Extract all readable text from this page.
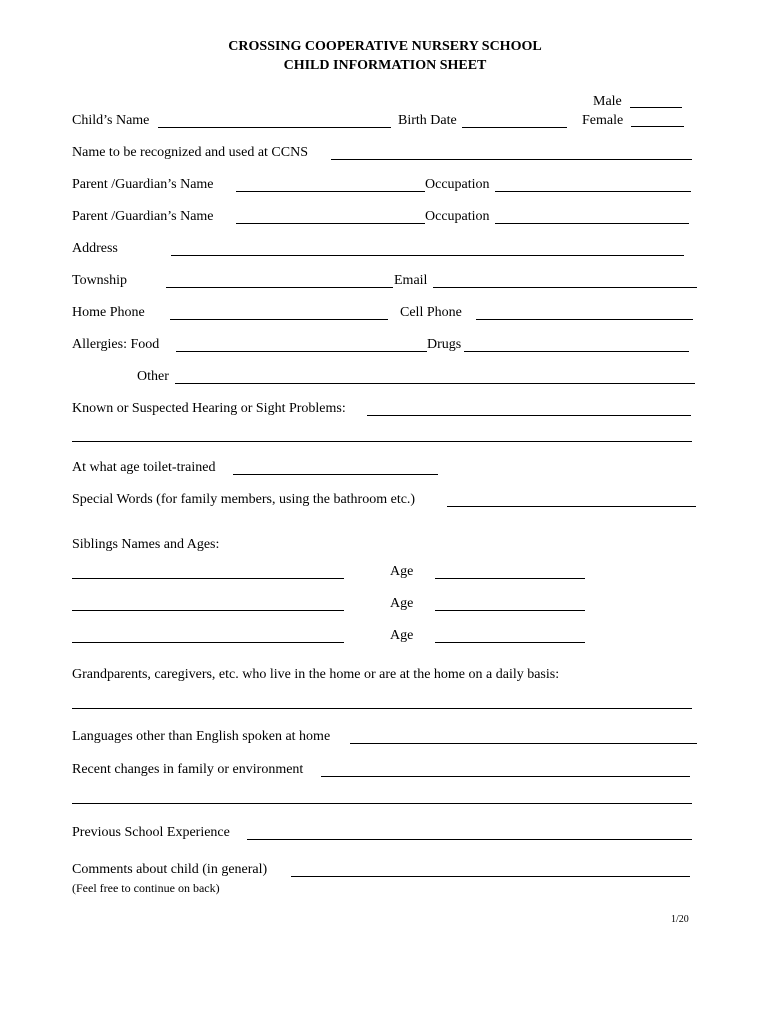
CROSSING COOPERATIVE NURSERY SCHOOL
CHILD INFORMATION SHEET
Male
Female
Child’s Name	Birth Date
Name to be recognized and used at CCNS
Parent /Guardian’s Name	Occupation
Parent /Guardian’s Name	Occupation
Address
Township	Email
Home Phone	Cell Phone
Allergies: Food	Drugs
Other
Known or Suspected Hearing or Sight Problems:
At what age toilet-trained
Special Words (for family members, using the bathroom etc.)
Siblings Names and Ages:
Age
Age
Age
Grandparents, caregivers, etc. who live in the home or are at the home on a daily basis:
Languages other than English spoken at home
Recent changes in family or environment
Previous School Experience
Comments about child (in general)
(Feel free to continue on back)
1/20
